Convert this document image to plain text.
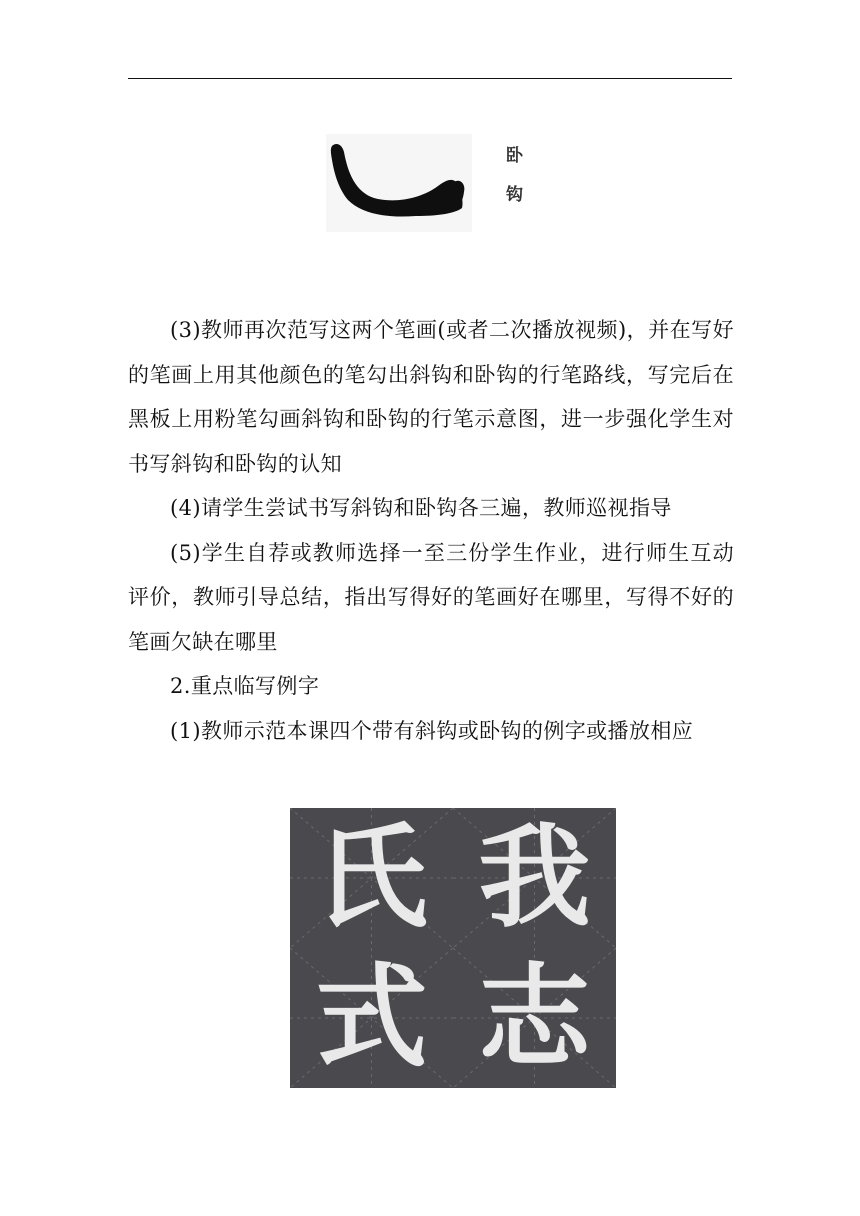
卧钩

(3)教师再次范写这两个笔画(或者二次播放视频)，并在写好的笔画上用其他颜色的笔勾出斜钩和卧钩的行笔路线，写完后在黑板上用粉笔勾画斜钩和卧钩的行笔示意图，进一步强化学生对书写斜钩和卧钩的认知

(4)请学生尝试书写斜钩和卧钩各三遍，教师巡视指导

(5)学生自荐或教师选择一至三份学生作业，进行师生互动评价，教师引导总结，指出写得好的笔画好在哪里，写得不好的笔画欠缺在哪里

2.重点临写例字

(1)教师示范本课四个带有斜钩或卧钩的例字或播放相应

氏 我
式 志
